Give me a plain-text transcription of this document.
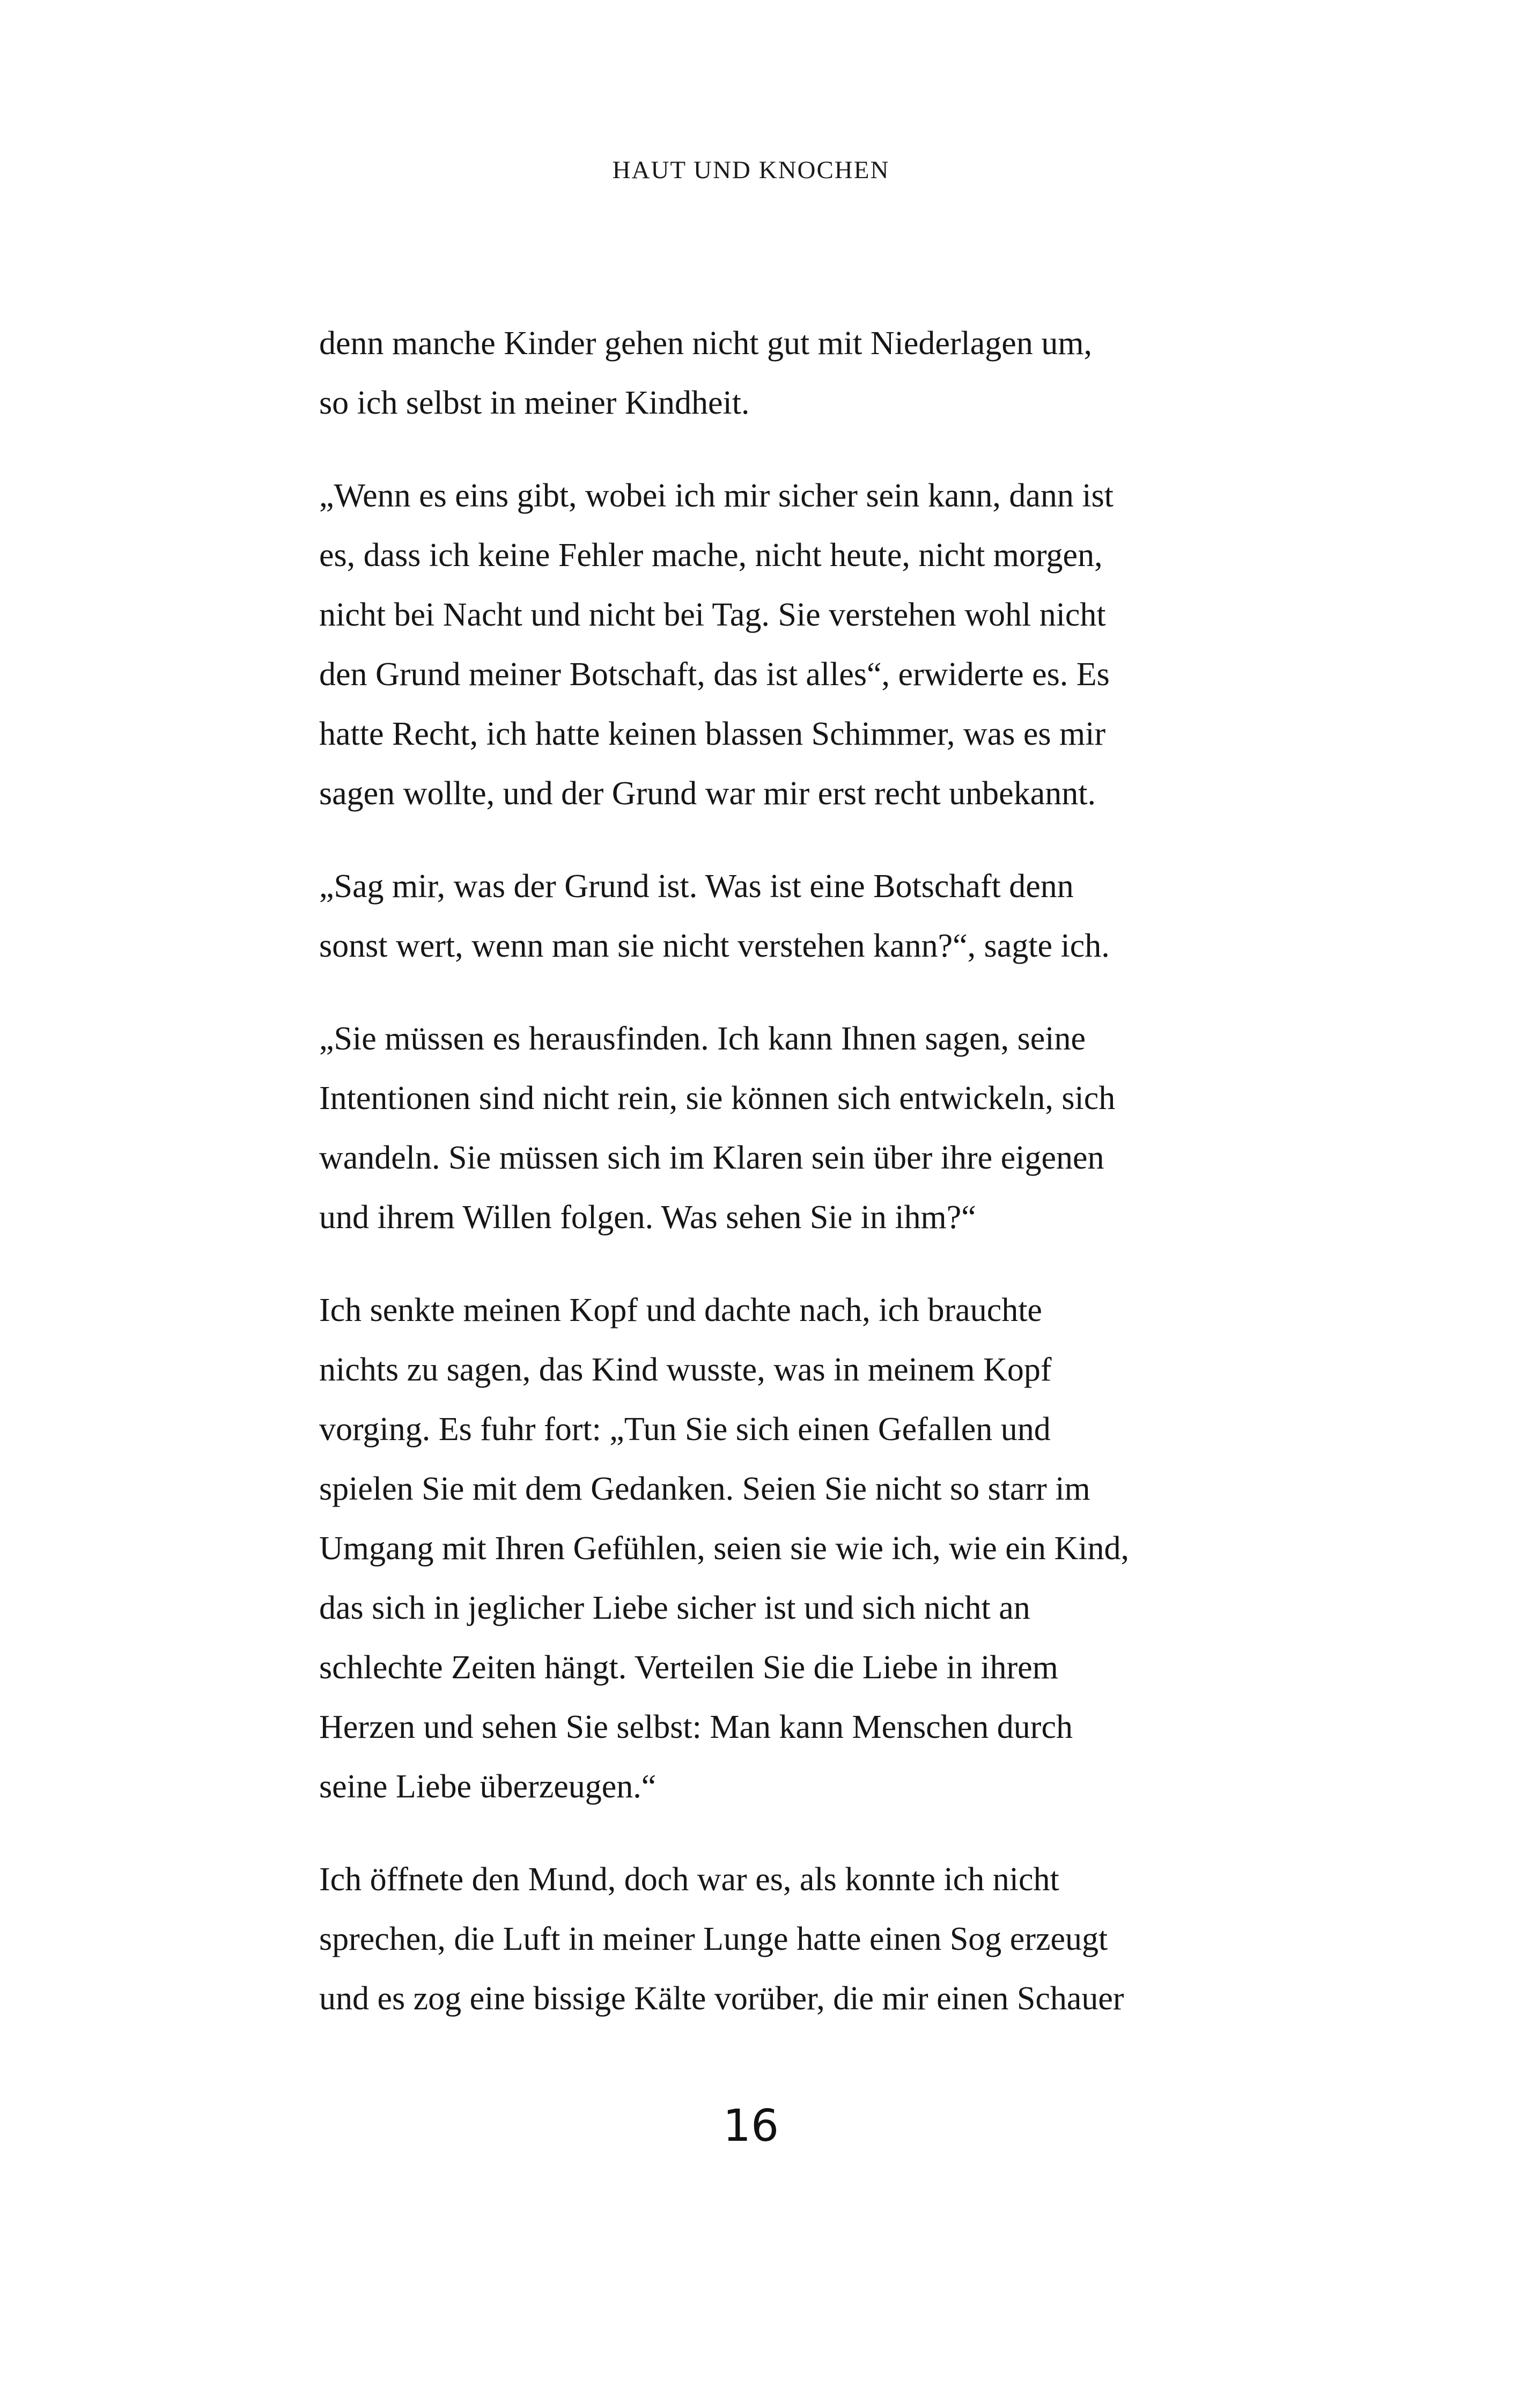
HAUT UND KNOCHEN

denn manche Kinder gehen nicht gut mit Niederlagen um,
so ich selbst in meiner Kindheit.

„Wenn es eins gibt, wobei ich mir sicher sein kann, dann ist
es, dass ich keine Fehler mache, nicht heute, nicht morgen,
nicht bei Nacht und nicht bei Tag. Sie verstehen wohl nicht
den Grund meiner Botschaft, das ist alles“, erwiderte es. Es
hatte Recht, ich hatte keinen blassen Schimmer, was es mir
sagen wollte, und der Grund war mir erst recht unbekannt.

„Sag mir, was der Grund ist. Was ist eine Botschaft denn
sonst wert, wenn man sie nicht verstehen kann?“, sagte ich.

„Sie müssen es herausfinden. Ich kann Ihnen sagen, seine
Intentionen sind nicht rein, sie können sich entwickeln, sich
wandeln. Sie müssen sich im Klaren sein über ihre eigenen
und ihrem Willen folgen. Was sehen Sie in ihm?“

Ich senkte meinen Kopf und dachte nach, ich brauchte
nichts zu sagen, das Kind wusste, was in meinem Kopf
vorging. Es fuhr fort: „Tun Sie sich einen Gefallen und
spielen Sie mit dem Gedanken. Seien Sie nicht so starr im
Umgang mit Ihren Gefühlen, seien sie wie ich, wie ein Kind,
das sich in jeglicher Liebe sicher ist und sich nicht an
schlechte Zeiten hängt. Verteilen Sie die Liebe in ihrem
Herzen und sehen Sie selbst: Man kann Menschen durch
seine Liebe überzeugen.“

Ich öffnete den Mund, doch war es, als konnte ich nicht
sprechen, die Luft in meiner Lunge hatte einen Sog erzeugt
und es zog eine bissige Kälte vorüber, die mir einen Schauer

16
